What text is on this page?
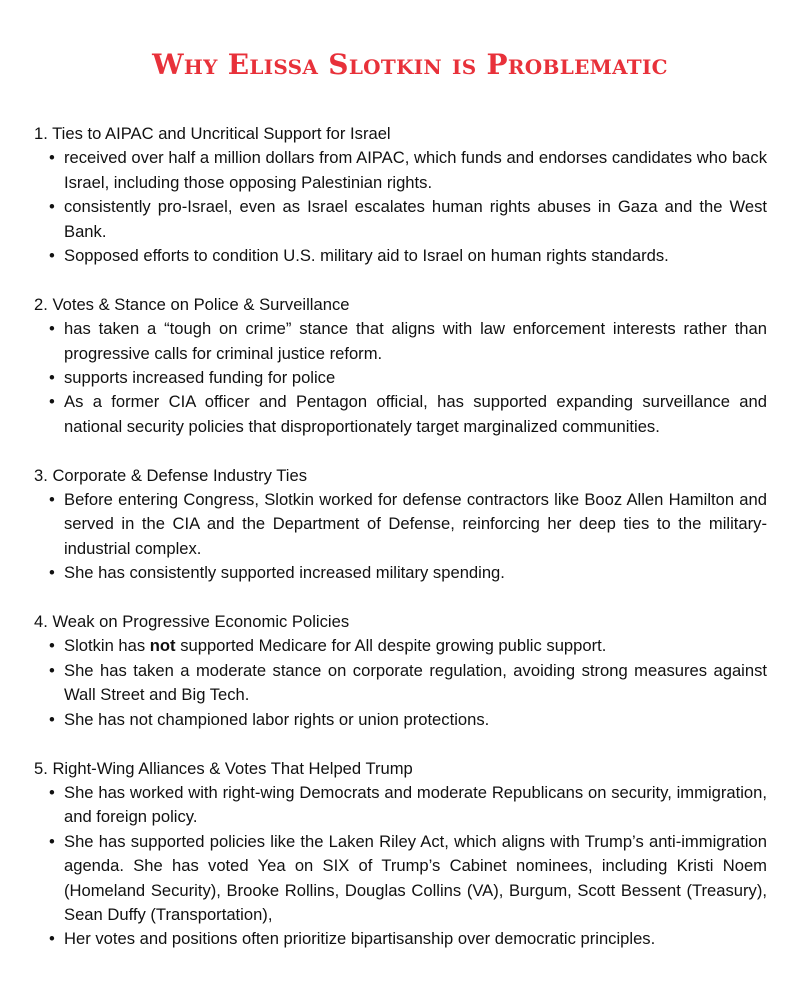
Why Elissa Slotkin is Problematic

1. Ties to AIPAC and Uncritical Support for Israel

• received over half a million dollars from AIPAC, which funds and endorses candidates who back Israel, including those opposing Palestinian rights.
• consistently pro-Israel, even as Israel escalates human rights abuses in Gaza and the West Bank.
• Sopposed efforts to condition U.S. military aid to Israel on human rights standards.

2. Votes & Stance on Police & Surveillance

• has taken a “tough on crime” stance that aligns with law enforcement interests rather than progressive calls for criminal justice reform.
• supports increased funding for police
• As a former CIA officer and Pentagon official, has supported expanding surveillance and national security policies that disproportionately target marginalized communities.

3. Corporate & Defense Industry Ties

• Before entering Congress, Slotkin worked for defense contractors like Booz Allen Hamilton and served in the CIA and the Department of Defense, reinforcing her deep ties to the military-industrial complex.
• She has consistently supported increased military spending.

4. Weak on Progressive Economic Policies

• Slotkin has not supported Medicare for All despite growing public support.
• She has taken a moderate stance on corporate regulation, avoiding strong measures against Wall Street and Big Tech.
• She has not championed labor rights or union protections.

5. Right-Wing Alliances & Votes That Helped Trump

• She has worked with right-wing Democrats and moderate Republicans on security, immigration, and foreign policy.
• She has supported policies like the Laken Riley Act, which aligns with Trump’s anti-immigration agenda. She has voted Yea on SIX of Trump’s Cabinet nominees, including Kristi Noem (Homeland Security), Brooke Rollins, Douglas Collins (VA), Burgum, Scott Bessent (Treasury), Sean Duffy (Transportation),
• Her votes and positions often prioritize bipartisanship over democratic principles.
